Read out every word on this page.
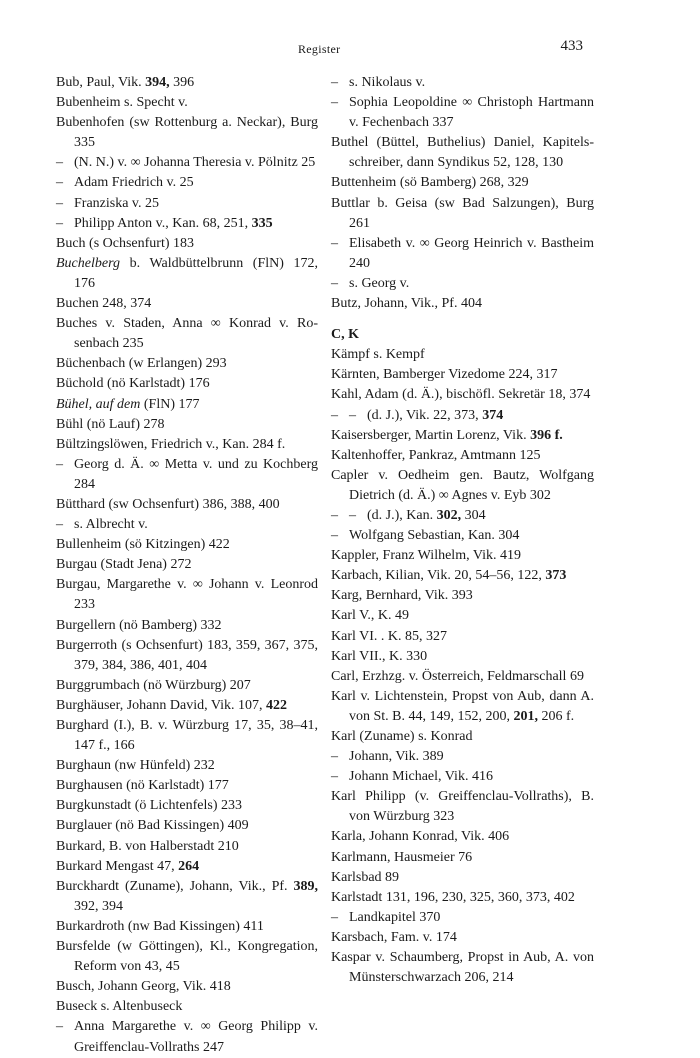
Register	433

Bub, Paul, Vik. 394, 396

Bubenheim s. Specht v.

Bubenhofen (sw Rottenburg a. Neckar), Burg 335

– (N. N.) v. ∞ Johanna Theresia v. Pölnitz 25

– Adam Friedrich v. 25

– Franziska v. 25

– Philipp Anton v., Kan. 68, 251, 335

Buch (s Ochsenfurt) 183

Buchelberg b. Waldbüttelbrunn (FlN) 172, 176

Buchen 248, 374

Buches v. Staden, Anna ∞ Konrad v. Rosenbach 235

Büchenbach (w Erlangen) 293

Büchold (nö Karlstadt) 176

Bühel, auf dem (FlN) 177

Bühl (nö Lauf) 278

Bültzingslöwen, Friedrich v., Kan. 284 f.

– Georg d. Ä. ∞ Metta v. und zu Kochberg 284

Bütthard (sw Ochsenfurt) 386, 388, 400

– s. Albrecht v.

Bullenheim (sö Kitzingen) 422

Burgau (Stadt Jena) 272

Burgau, Margarethe v. ∞ Johann v. Leonrod 233

Burgellern (nö Bamberg) 332

Burgerroth (s Ochsenfurt) 183, 359, 367, 375, 379, 384, 386, 401, 404

Burggrumbach (nö Würzburg) 207

Burghäuser, Johann David, Vik. 107, 422

Burghard (I.), B. v. Würzburg 17, 35, 38–41, 147 f., 166

Burghaun (nw Hünfeld) 232

Burghausen (nö Karlstadt) 177

Burgkunstadt (ö Lichtenfels) 233

Burglauer (nö Bad Kissingen) 409

Burkard, B. von Halberstadt 210

Burkard Mengast 47, 264

Burckhardt (Zuname), Johann, Vik., Pf. 389, 392, 394

Burkardroth (nw Bad Kissingen) 411

Bursfelde (w Göttingen), Kl., Kongregation, Reform von 43, 45

Busch, Johann Georg, Vik. 418

Buseck s. Altenbuseck

– Anna Margarethe v. ∞ Georg Philipp v. Greiffenclau-Vollraths 247

– s. Nikolaus v.

– Sophia Leopoldine ∞ Christoph Hartmann v. Fechenbach 337

Buthel (Büttel, Buthelius) Daniel, Kapitelsschreiber, dann Syndikus 52, 128, 130

Buttenheim (sö Bamberg) 268, 329

Buttlar b. Geisa (sw Bad Salzungen), Burg 261

– Elisabeth v. ∞ Georg Heinrich v. Bastheim 240

– s. Georg v.

Butz, Johann, Vik., Pf. 404

C, K

Kämpf s. Kempf

Kärnten, Bamberger Vizedome 224, 317

Kahl, Adam (d. Ä.), bischöfl. Sekretär 18, 374

– – (d. J.), Vik. 22, 373, 374

Kaisersberger, Martin Lorenz, Vik. 396 f.

Kaltenhoffer, Pankraz, Amtmann 125

Capler v. Oedheim gen. Bautz, Wolfgang Dietrich (d. Ä.) ∞ Agnes v. Eyb 302

– – (d. J.), Kan. 302, 304

– Wolfgang Sebastian, Kan. 304

Kappler, Franz Wilhelm, Vik. 419

Karbach, Kilian, Vik. 20, 54–56, 122, 373

Karg, Bernhard, Vik. 393

Karl V., K. 49

Karl VI. . K. 85, 327

Karl VII., K. 330

Carl, Erzhzg. v. Österreich, Feldmarschall 69

Karl v. Lichtenstein, Propst von Aub, dann A. von St. B. 44, 149, 152, 200, 201, 206 f.

Karl (Zuname) s. Konrad

– Johann, Vik. 389

– Johann Michael, Vik. 416

Karl Philipp (v. Greiffenclau-Vollraths), B. von Würzburg 323

Karla, Johann Konrad, Vik. 406

Karlmann, Hausmeier 76

Karlsbad 89

Karlstadt 131, 196, 230, 325, 360, 373, 402

– Landkapitel 370

Karsbach, Fam. v. 174

Kaspar v. Schaumberg, Propst in Aub, A. von Münsterschwarzach 206, 214
